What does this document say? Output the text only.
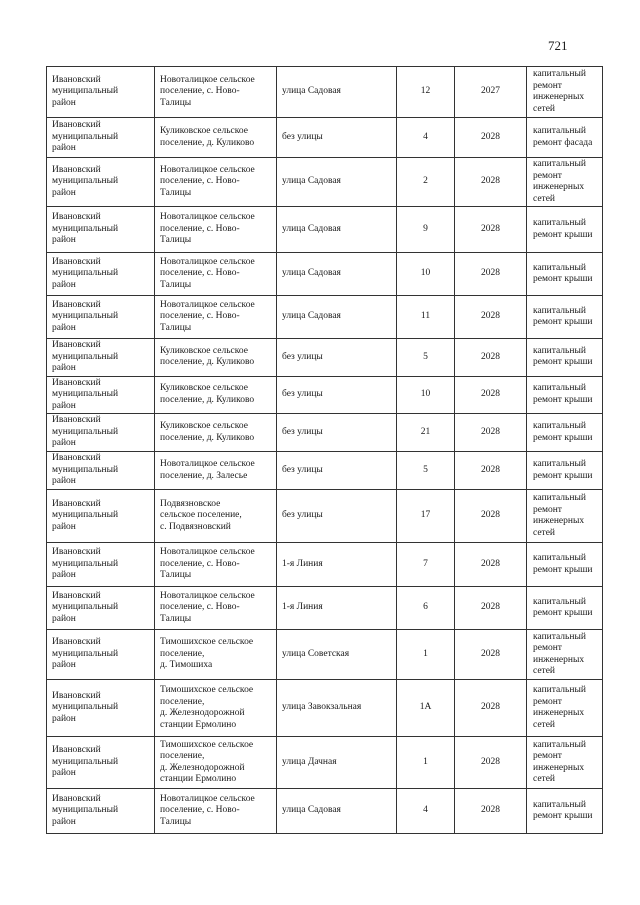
721
Ивановский
муниципальный
район	Новоталицкое сельское
поселение, с. Ново-
Талицы	улица Садовая	12	2027	капитальный
ремонт
инженерных
сетей
Ивановский
муниципальный
район	Куликовское сельское
поселение, д. Куликово	без улицы	4	2028	капитальный
ремонт фасада
Ивановский
муниципальный
район	Новоталицкое сельское
поселение, с. Ново-
Талицы	улица Садовая	2	2028	капитальный
ремонт
инженерных
сетей
Ивановский
муниципальный
район	Новоталицкое сельское
поселение, с. Ново-
Талицы	улица Садовая	9	2028	капитальный
ремонт крыши
Ивановский
муниципальный
район	Новоталицкое сельское
поселение, с. Ново-
Талицы	улица Садовая	10	2028	капитальный
ремонт крыши
Ивановский
муниципальный
район	Новоталицкое сельское
поселение, с. Ново-
Талицы	улица Садовая	11	2028	капитальный
ремонт крыши
Ивановский
муниципальный
район	Куликовское сельское
поселение, д. Куликово	без улицы	5	2028	капитальный
ремонт крыши
Ивановский
муниципальный
район	Куликовское сельское
поселение, д. Куликово	без улицы	10	2028	капитальный
ремонт крыши
Ивановский
муниципальный
район	Куликовское сельское
поселение, д. Куликово	без улицы	21	2028	капитальный
ремонт крыши
Ивановский
муниципальный
район	Новоталицкое сельское
поселение, д. Залесье	без улицы	5	2028	капитальный
ремонт крыши
Ивановский
муниципальный
район	Подвязновское
сельское поселение,
с. Подвязновский	без улицы	17	2028	капитальный
ремонт
инженерных
сетей
Ивановский
муниципальный
район	Новоталицкое сельское
поселение, с. Ново-
Талицы	1-я Линия	7	2028	капитальный
ремонт крыши
Ивановский
муниципальный
район	Новоталицкое сельское
поселение, с. Ново-
Талицы	1-я Линия	6	2028	капитальный
ремонт крыши
Ивановский
муниципальный
район	Тимошихское сельское
поселение,
д. Тимошиха	улица Советская	1	2028	капитальный
ремонт
инженерных
сетей
Ивановский
муниципальный
район	Тимошихское сельское
поселение,
д. Железнодорожной
станции Ермолино	улица Завокзальная	1А	2028	капитальный
ремонт
инженерных
сетей
Ивановский
муниципальный
район	Тимошихское сельское
поселение,
д. Железнодорожной
станции Ермолино	улица Дачная	1	2028	капитальный
ремонт
инженерных
сетей
Ивановский
муниципальный
район	Новоталицкое сельское
поселение, с. Ново-
Талицы	улица Садовая	4	2028	капитальный
ремонт крыши
